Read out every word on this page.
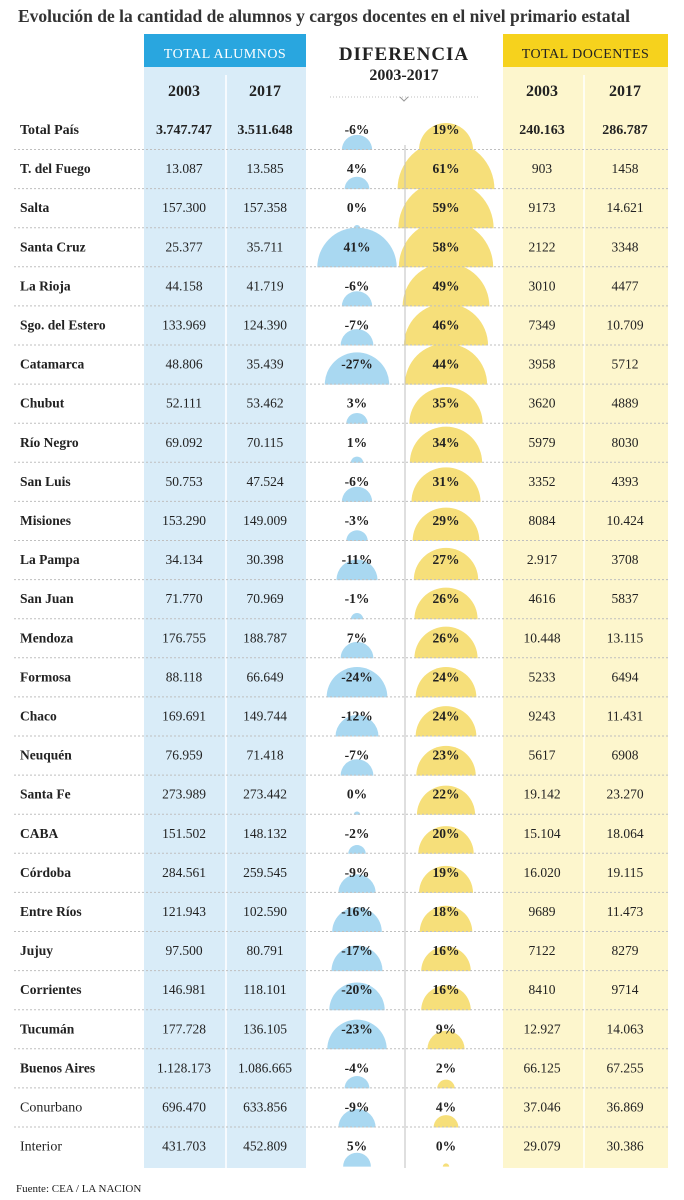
Evolución de la cantidad de alumnos y cargos docentes en el nivel primario estatal
TOTAL ALUMNOS	TOTAL DOCENTES
DIFERENCIA
2003-2017
2003	2017	2003	2017
Total País	3.747.747 3.511.648	-6%	19%	240.163	286.787
T. del Fuego	13.087	13.585	4%	61%	903	1458
Salta	157.300	157.358	0%	59%	9173	14.621
Santa Cruz	25.377	35.711	41%	58%	2122	3348
La Rioja	44.158	41.719	-6%	49%	3010	4477
Sgo. del Estero	133.969	124.390	-7%	46%	7349	10.709
Catamarca	48.806	35.439	-27%	44%	3958	5712
Chubut	52.111	53.462	3%	35%	3620	4889
Río Negro	69.092	70.115	1%	34%	5979	8030
San Luis	50.753	47.524	-6%	31%	3352	4393
Misiones	153.290	149.009	-3%	29%	8084	10.424
La Pampa	34.134	30.398	-11%	27%	2.917	3708
San Juan	71.770	70.969	-1%	26%	4616	5837
Mendoza	176.755	188.787	7%	26%	10.448	13.115
Formosa	88.118	66.649	-24%	24%	5233	6494
Chaco	169.691	149.744	-12%	24%	9243	11.431
Neuquén	76.959	71.418	-7%	23%	5617	6908
Santa Fe	273.989	273.442	0%	22%	19.142	23.270
CABA	151.502	148.132	-2%	20%	15.104	18.064
Córdoba	284.561	259.545	-9%	19%	16.020	19.115
Entre Ríos	121.943	102.590	-16%	18%	9689	11.473
Jujuy	97.500	80.791	-17%	16%	7122	8279
Corrientes	146.981	118.101	-20%	16%	8410	9714
Tucumán	177.728	136.105	-23%	9%	12.927	14.063
Buenos Aires	1.128.173 1.086.665	-4%	2%	66.125	67.255
Conurbano	696.470	633.856	-9%	4%	37.046	36.869
Interior	431.703	452.809	5%	0%	29.079	30.386
Fuente: CEA / LA NACION
